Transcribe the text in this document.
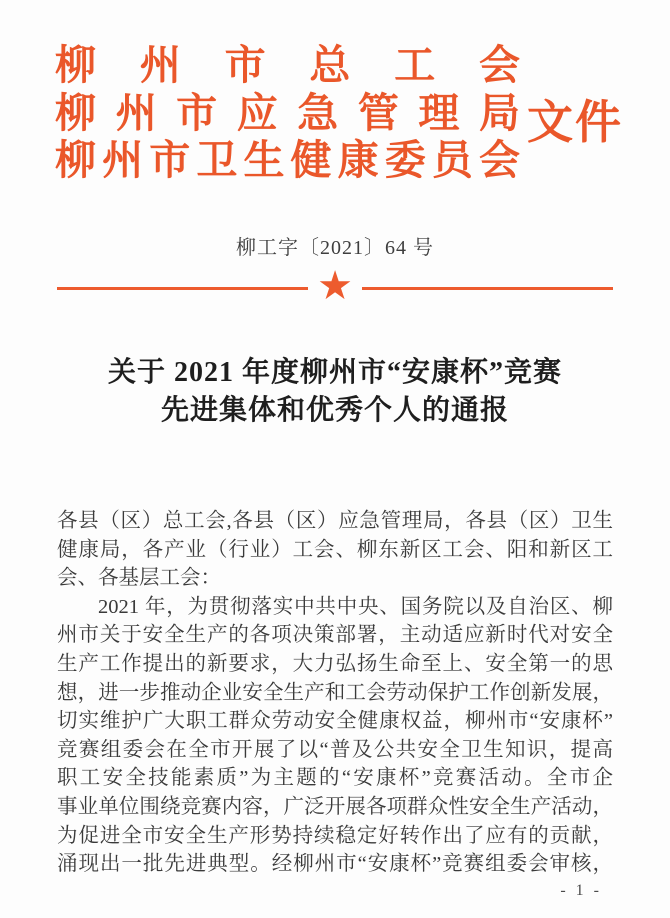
柳州市总工会
柳州市应急管理局
柳州市卫生健康委员会
文件
柳工字〔2021〕64 号
★
关于 2021 年度柳州市“安康杯”竞赛
先进集体和优秀个人的通报
各县（区）总工会,各县（区）应急管理局，各县（区）卫生
健康局，各产业（行业）工会、柳东新区工会、阳和新区工
会、各基层工会：
2021 年，为贯彻落实中共中央、国务院以及自治区、柳
州市关于安全生产的各项决策部署，主动适应新时代对安全
生产工作提出的新要求，大力弘扬生命至上、安全第一的思
想，进一步推动企业安全生产和工会劳动保护工作创新发展，
切实维护广大职工群众劳动安全健康权益，柳州市“安康杯”
竞赛组委会在全市开展了以“普及公共安全卫生知识，提高
职工安全技能素质”为主题的“安康杯”竞赛活动。全市企
事业单位围绕竞赛内容，广泛开展各项群众性安全生产活动，
为促进全市安全生产形势持续稳定好转作出了应有的贡献，
涌现出一批先进典型。经柳州市“安康杯”竞赛组委会审核，
- 1 -
